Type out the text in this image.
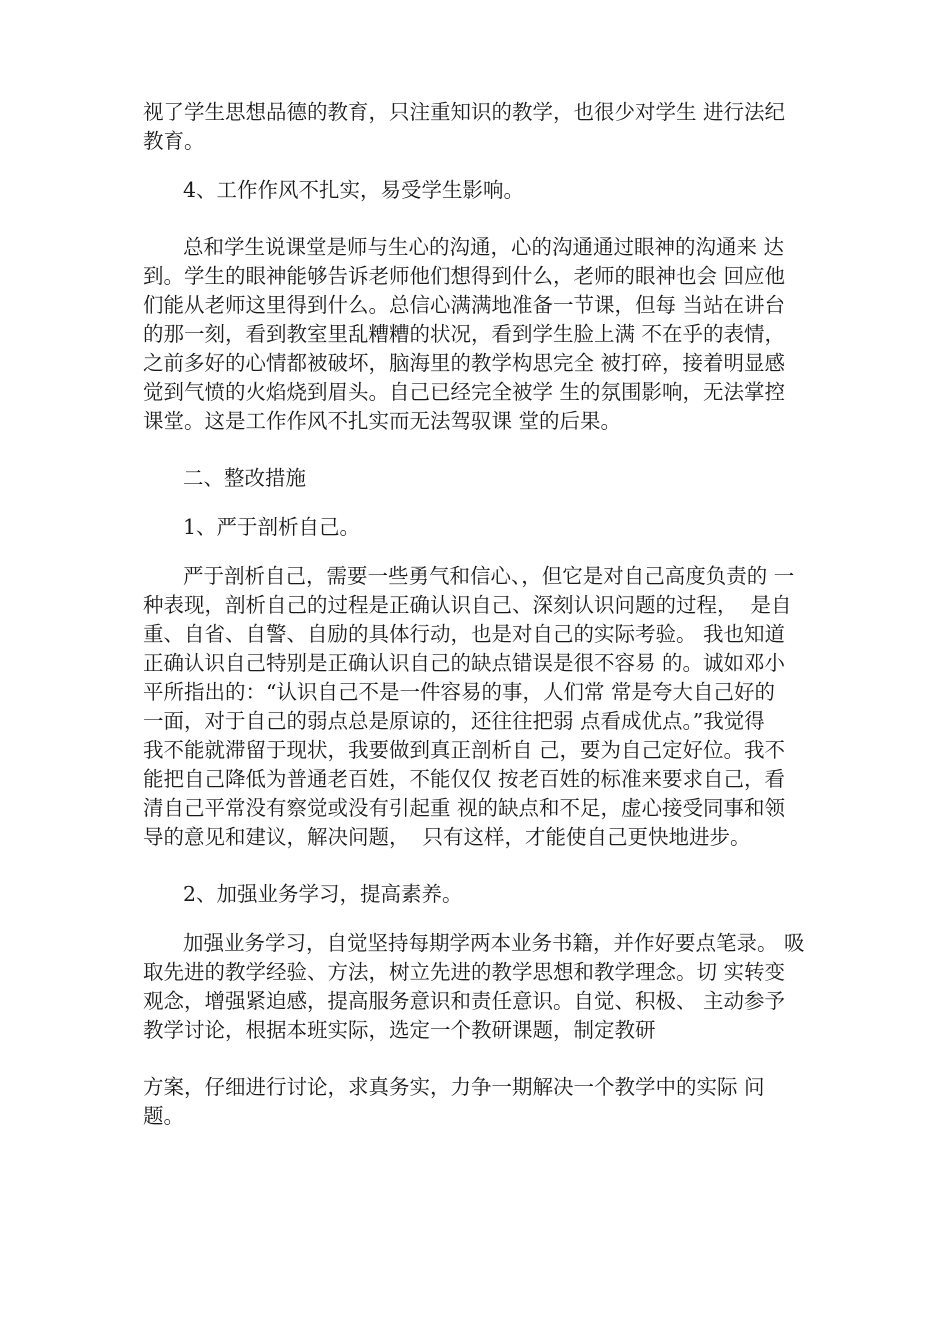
视了学生思想品德的教育，只注重知识的教学，也很少对学生 进行法纪
教育。
4、工作作风不扎实，易受学生影响。
总和学生说课堂是师与生心的沟通，心的沟通通过眼神的沟通来 达
到。学生的眼神能够告诉老师他们想得到什么，老师的眼神也会 回应他
们能从老师这里得到什么。总信心满满地准备一节课，但每 当站在讲台
的那一刻，看到教室里乱糟糟的状况，看到学生脸上满 不在乎的表情，
之前多好的心情都被破坏，脑海里的教学构思完全 被打碎，接着明显感
觉到气愤的火焰烧到眉头。自己已经完全被学 生的氛围影响，无法掌控
课堂。这是工作作风不扎实而无法驾驭课 堂的后果。
二、整改措施
1、严于剖析自己。
严于剖析自己，需要一些勇气和信心、，但它是对自己高度负责的 一
种表现，剖析自己的过程是正确认识自己、深刻认识问题的过程，  是自
重、自省、自警、自励的具体行动，也是对自己的实际考验。 我也知道
正确认识自己特别是正确认识自己的缺点错误是很不容易 的。诚如邓小
平所指出的：“认识自己不是一件容易的事，人们常 常是夸大自己好的
一面，对于自己的弱点总是原谅的，还往往把弱 点看成优点。”我觉得
我不能就滞留于现状，我要做到真正剖析自 己，要为自己定好位。我不
能把自己降低为普通老百姓，不能仅仅 按老百姓的标准来要求自己，看
清自己平常没有察觉或没有引起重 视的缺点和不足，虚心接受同事和领
导的意见和建议，解决问题，  只有这样，才能使自己更快地进步。
2、加强业务学习，提高素养。
加强业务学习，自觉坚持每期学两本业务书籍，并作好要点笔录。 吸
取先进的教学经验、方法，树立先进的教学思想和教学理念。切 实转变
观念，增强紧迫感，提高服务意识和责任意识。自觉、积极、 主动参予
教学讨论，根据本班实际，选定一个教研课题，制定教研
方案，仔细进行讨论，求真务实，力争一期解决一个教学中的实际 问
题。
